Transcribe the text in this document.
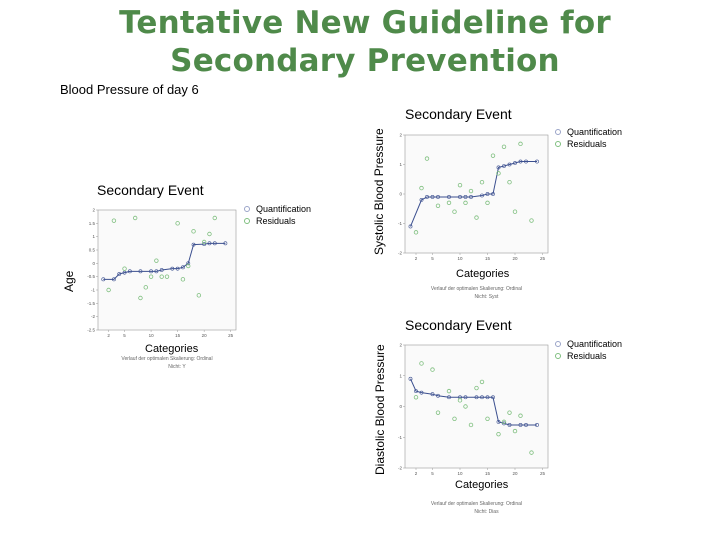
Tentative New Guideline for Secondary Prevention
Blood Pressure of day 6
Secondary Event
Age
Categories
Quantification
Residuals
2
1.5
1
0.5
0
-0.5
-1
-1.5
-2
-2.5
2	5	10	15	20	25
Verlauf der optimalen Skalierung: Ordinal
Nicht: Y
Secondary Event
Systolic Blood Pressure
Categories
Quantification
Residuals
2
1
0
-1
-2
2	5	10	15	20	25
Verlauf der optimalen Skalierung: Ordinal
Nicht: Syst
Secondary Event
Diastolic Blood Pressure
Categories
Quantification
Residuals
2
1
0
-1
-2
2	5	10	15	20	25
Verlauf der optimalen Skalierung: Ordinal
Nicht: Dias
